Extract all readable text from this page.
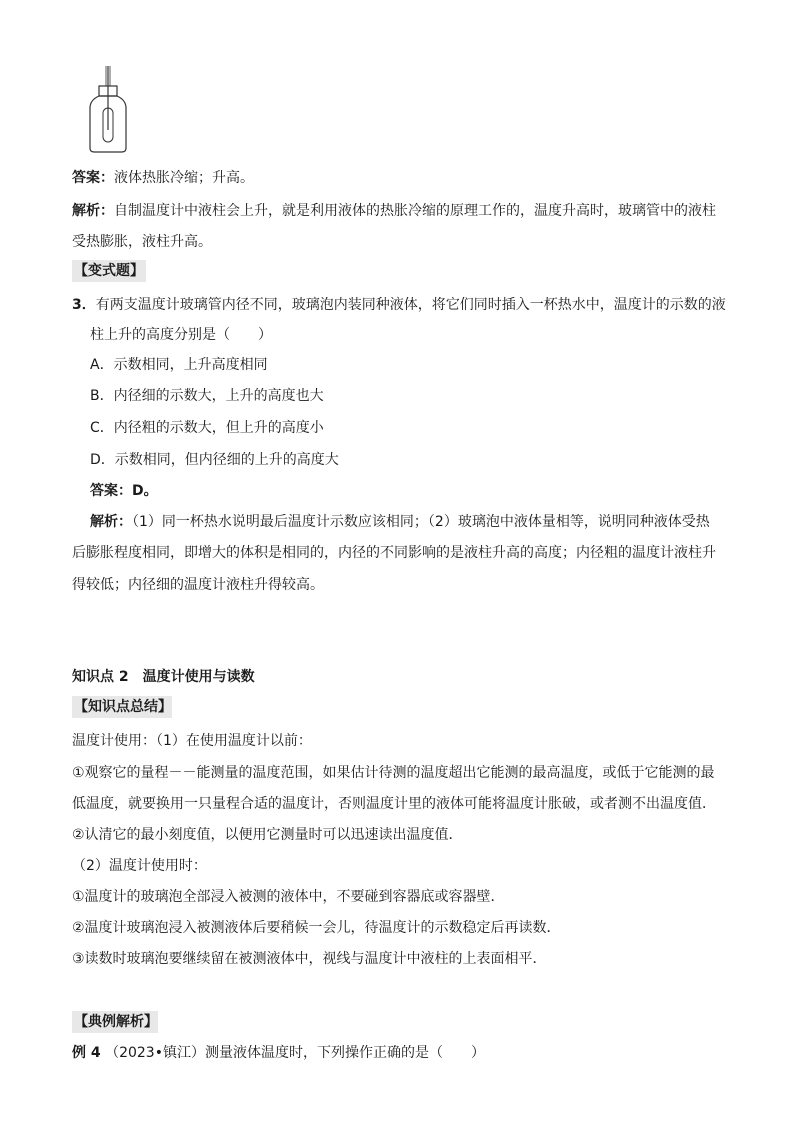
答案：液体热胀冷缩；升高。
解析：自制温度计中液柱会上升，就是利用液体的热胀冷缩的原理工作的，温度升高时，玻璃管中的液柱
受热膨胀，液柱升高。
【变式题】
3．有两支温度计玻璃管内径不同，玻璃泡内装同种液体，将它们同时插入一杯热水中，温度计的示数的液
柱上升的高度分别是（　　）
A．示数相同，上升高度相同
B．内径细的示数大，上升的高度也大
C．内径粗的示数大，但上升的高度小
D．示数相同，但内径细的上升的高度大
答案：D。
解析：（1）同一杯热水说明最后温度计示数应该相同；（2）玻璃泡中液体量相等，说明同种液体受热
后膨胀程度相同，即增大的体积是相同的，内径的不同影响的是液柱升高的高度；内径粗的温度计液柱升
得较低；内径细的温度计液柱升得较高。
知识点 2　温度计使用与读数
【知识点总结】
温度计使用：（1）在使用温度计以前：
①观察它的量程－－能测量的温度范围，如果估计待测的温度超出它能测的最高温度，或低于它能测的最
低温度，就要换用一只量程合适的温度计，否则温度计里的液体可能将温度计胀破，或者测不出温度值．
②认清它的最小刻度值，以便用它测量时可以迅速读出温度值．
（2）温度计使用时：
①温度计的玻璃泡全部浸入被测的液体中，不要碰到容器底或容器壁．
②温度计玻璃泡浸入被测液体后要稍候一会儿，待温度计的示数稳定后再读数．
③读数时玻璃泡要继续留在被测液体中，视线与温度计中液柱的上表面相平．
【典例解析】
例 4 （2023•镇江）测量液体温度时，下列操作正确的是（　　）
